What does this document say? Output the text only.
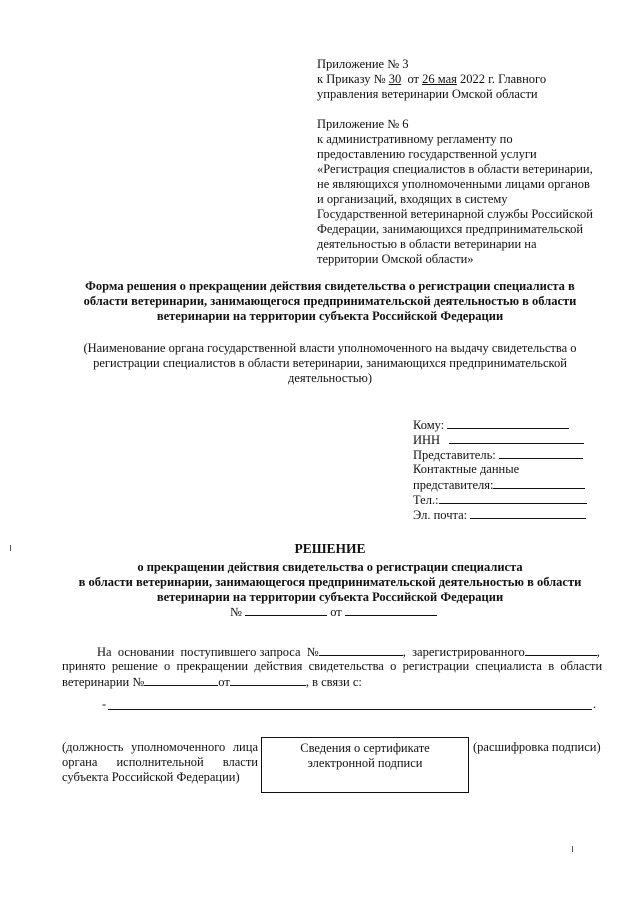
Приложение № 3
к Приказу № 30  от 26 мая 2022 г. Главного
управления ветеринарии Омской области
Приложение № 6
к административному регламенту по
предоставлению государственной услуги
«Регистрация специалистов в области ветеринарии,
не являющихся уполномоченными лицами органов
и организаций, входящих в систему
Государственной ветеринарной службы Российской
Федерации, занимающихся предпринимательской
деятельностью в области ветеринарии на
территории Омской области»
Форма решения о прекращении действия свидетельства о регистрации специалиста в
области ветеринарии, занимающегося предпринимательской деятельностью в области
ветеринарии на территории субъекта Российской Федерации
(Наименование органа государственной власти уполномоченного на выдачу свидетельства о
регистрации специалистов в области ветеринарии, занимающихся предпринимательской
деятельностью)
Кому:
ИНН
Представитель:
Контактные данные
представителя:
Тел.:
Эл. почта:
РЕШЕНИЕ
о прекращении действия свидетельства о регистрации специалиста
в области ветеринарии, занимающегося предпринимательской деятельностью в области
ветеринарии на территории субъекта Российской Федерации
№	от
На  основании  поступившего запроса  №	,  зарегистрированного	,
принято  решение  о  прекращении  действия  свидетельства  о  регистрации  специалиста  в  области
ветеринарии №	от	, в связи с:
-	.
(должность уполномоченного лица
органа исполнительной власти
субъекта Российской Федерации)
Сведения о сертификате
электронной подписи
(расшифровка подписи)
